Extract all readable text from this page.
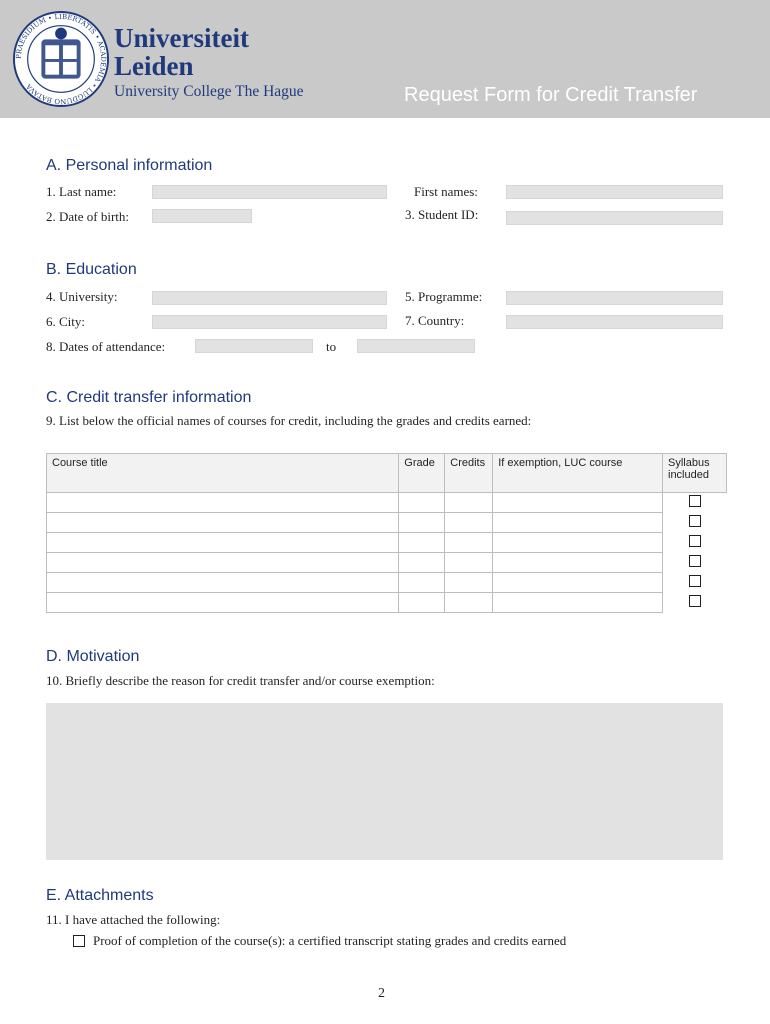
PRAESIDIUM • LIBERTATIS • ACADEMIA • LUGDUNO BATAVA
Universiteit
Leiden
University College The Hague	Request Form for Credit Transfer
A. Personal information
1. Last name:	First names:
2. Date of birth:	3. Student ID:
B. Education
4. University:	5. Programme:
6. City:	7. Country:
8. Dates of attendance:	to
C. Credit transfer information
9. List below the official names of courses for credit, including the grades and credits earned:
Course title	Grade	Credits	If exemption, LUC course	Syllabus included

D. Motivation
10. Briefly describe the reason for credit transfer and/or course exemption:
E. Attachments
11. I have attached the following:
Proof of completion of the course(s): a certified transcript stating grades and credits earned
2
